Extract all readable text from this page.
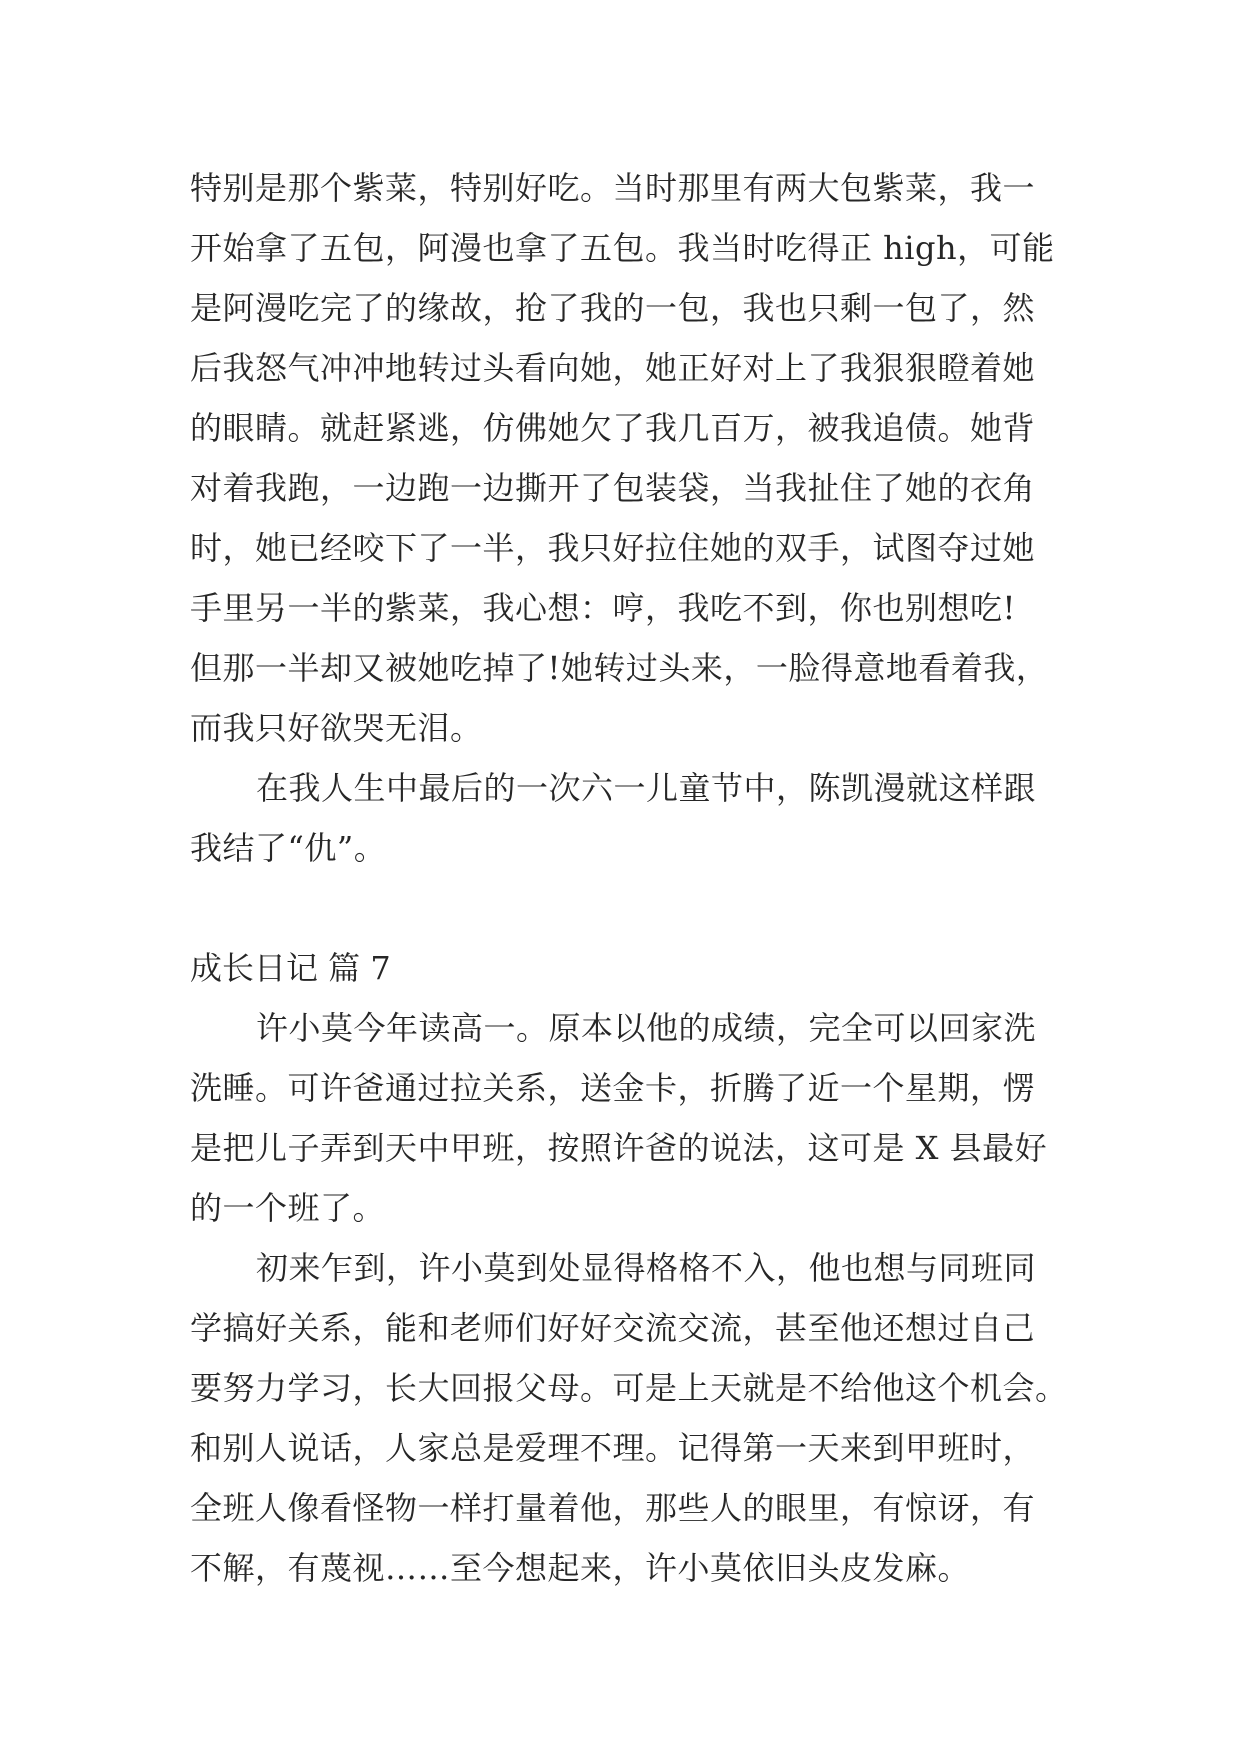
特别是那个紫菜，特别好吃。当时那里有两大包紫菜，我一
开始拿了五包，阿漫也拿了五包。我当时吃得正 high，可能
是阿漫吃完了的缘故，抢了我的一包，我也只剩一包了，然
后我怒气冲冲地转过头看向她，她正好对上了我狠狠瞪着她
的眼睛。就赶紧逃，仿佛她欠了我几百万，被我追债。她背
对着我跑，一边跑一边撕开了包装袋，当我扯住了她的衣角
时，她已经咬下了一半，我只好拉住她的双手，试图夺过她
手里另一半的紫菜，我心想：哼，我吃不到，你也别想吃!
但那一半却又被她吃掉了!她转过头来，一脸得意地看着我，
而我只好欲哭无泪。
在我人生中最后的一次六一儿童节中，陈凯漫就这样跟
我结了“仇”。
成长日记 篇 7
许小莫今年读高一。原本以他的成绩，完全可以回家洗
洗睡。可许爸通过拉关系，送金卡，折腾了近一个星期，愣
是把儿子弄到天中甲班，按照许爸的说法，这可是 X 县最好
的一个班了。
初来乍到，许小莫到处显得格格不入，他也想与同班同
学搞好关系，能和老师们好好交流交流，甚至他还想过自己
要努力学习，长大回报父母。可是上天就是不给他这个机会。
和别人说话，人家总是爱理不理。记得第一天来到甲班时，
全班人像看怪物一样打量着他，那些人的眼里，有惊讶，有
不解，有蔑视……至今想起来，许小莫依旧头皮发麻。
